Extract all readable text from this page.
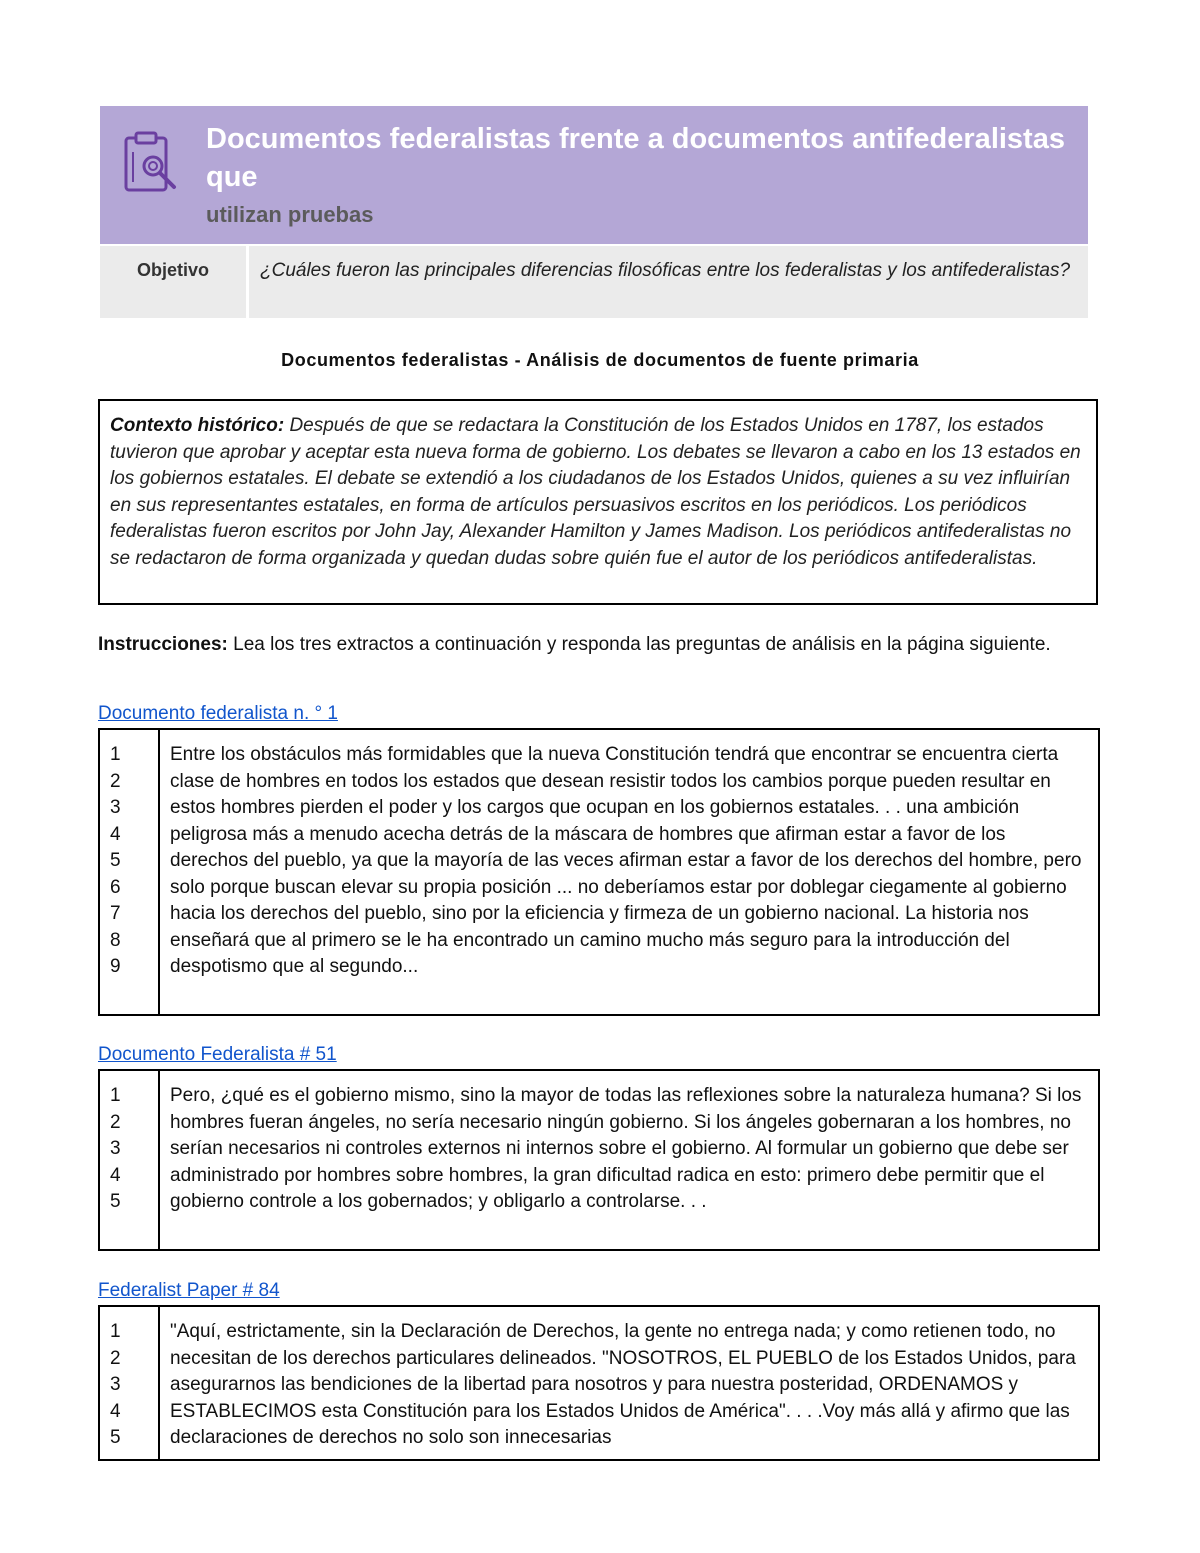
Documentos federalistas frente a documentos antifederalistas que
utilizan pruebas
Objetivo	¿Cuáles fueron las principales diferencias filosóficas entre los federalistas y los antifederalistas?
Documentos federalistas - Análisis de documentos de fuente primaria
Contexto histórico: Después de que se redactara la Constitución de los Estados Unidos en 1787, los estados tuvieron que aprobar y aceptar esta nueva forma de gobierno. Los debates se llevaron a cabo en los 13 estados en los gobiernos estatales. El debate se extendió a los ciudadanos de los Estados Unidos, quienes a su vez influirían en sus representantes estatales, en forma de artículos persuasivos escritos en los periódicos. Los periódicos federalistas fueron escritos por John Jay, Alexander Hamilton y James Madison. Los periódicos antifederalistas no se redactaron de forma organizada y quedan dudas sobre quién fue el autor de los periódicos antifederalistas.
Instrucciones: Lea los tres extractos a continuación y responda las preguntas de análisis en la página siguiente.
Documento federalista n. ° 1
1
2
3
4
5
6
7
8
9
Entre los obstáculos más formidables que la nueva Constitución tendrá que encontrar se encuentra cierta clase de hombres en todos los estados que desean resistir todos los cambios porque pueden resultar en estos hombres pierden el poder y los cargos que ocupan en los gobiernos estatales. . . una ambición peligrosa más a menudo acecha detrás de la máscara de hombres que afirman estar a favor de los derechos del pueblo, ya que la mayoría de las veces afirman estar a favor de los derechos del hombre, pero solo porque buscan elevar su propia posición ... no deberíamos estar por doblegar ciegamente al gobierno hacia los derechos del pueblo, sino por la eficiencia y firmeza de un gobierno nacional. La historia nos enseñará que al primero se le ha encontrado un camino mucho más seguro para la introducción del despotismo que al segundo...
Documento Federalista # 51
1
2
3
4
5
Pero, ¿qué es el gobierno mismo, sino la mayor de todas las reflexiones sobre la naturaleza humana? Si los hombres fueran ángeles, no sería necesario ningún gobierno. Si los ángeles gobernaran a los hombres, no serían necesarios ni controles externos ni internos sobre el gobierno. Al formular un gobierno que debe ser administrado por hombres sobre hombres, la gran dificultad radica en esto: primero debe permitir que el gobierno controle a los gobernados; y obligarlo a controlarse. . .
Federalist Paper # 84
1
2
3
4
5
"Aquí, estrictamente, sin la Declaración de Derechos, la gente no entrega nada; y como retienen todo, no necesitan de los derechos particulares delineados. "NOSOTROS, EL PUEBLO de los Estados Unidos, para asegurarnos las bendiciones de la libertad para nosotros y para nuestra posteridad, ORDENAMOS y ESTABLECIMOS esta Constitución para los Estados Unidos de América". . . .Voy más allá y afirmo que las declaraciones de derechos no solo son innecesarias
